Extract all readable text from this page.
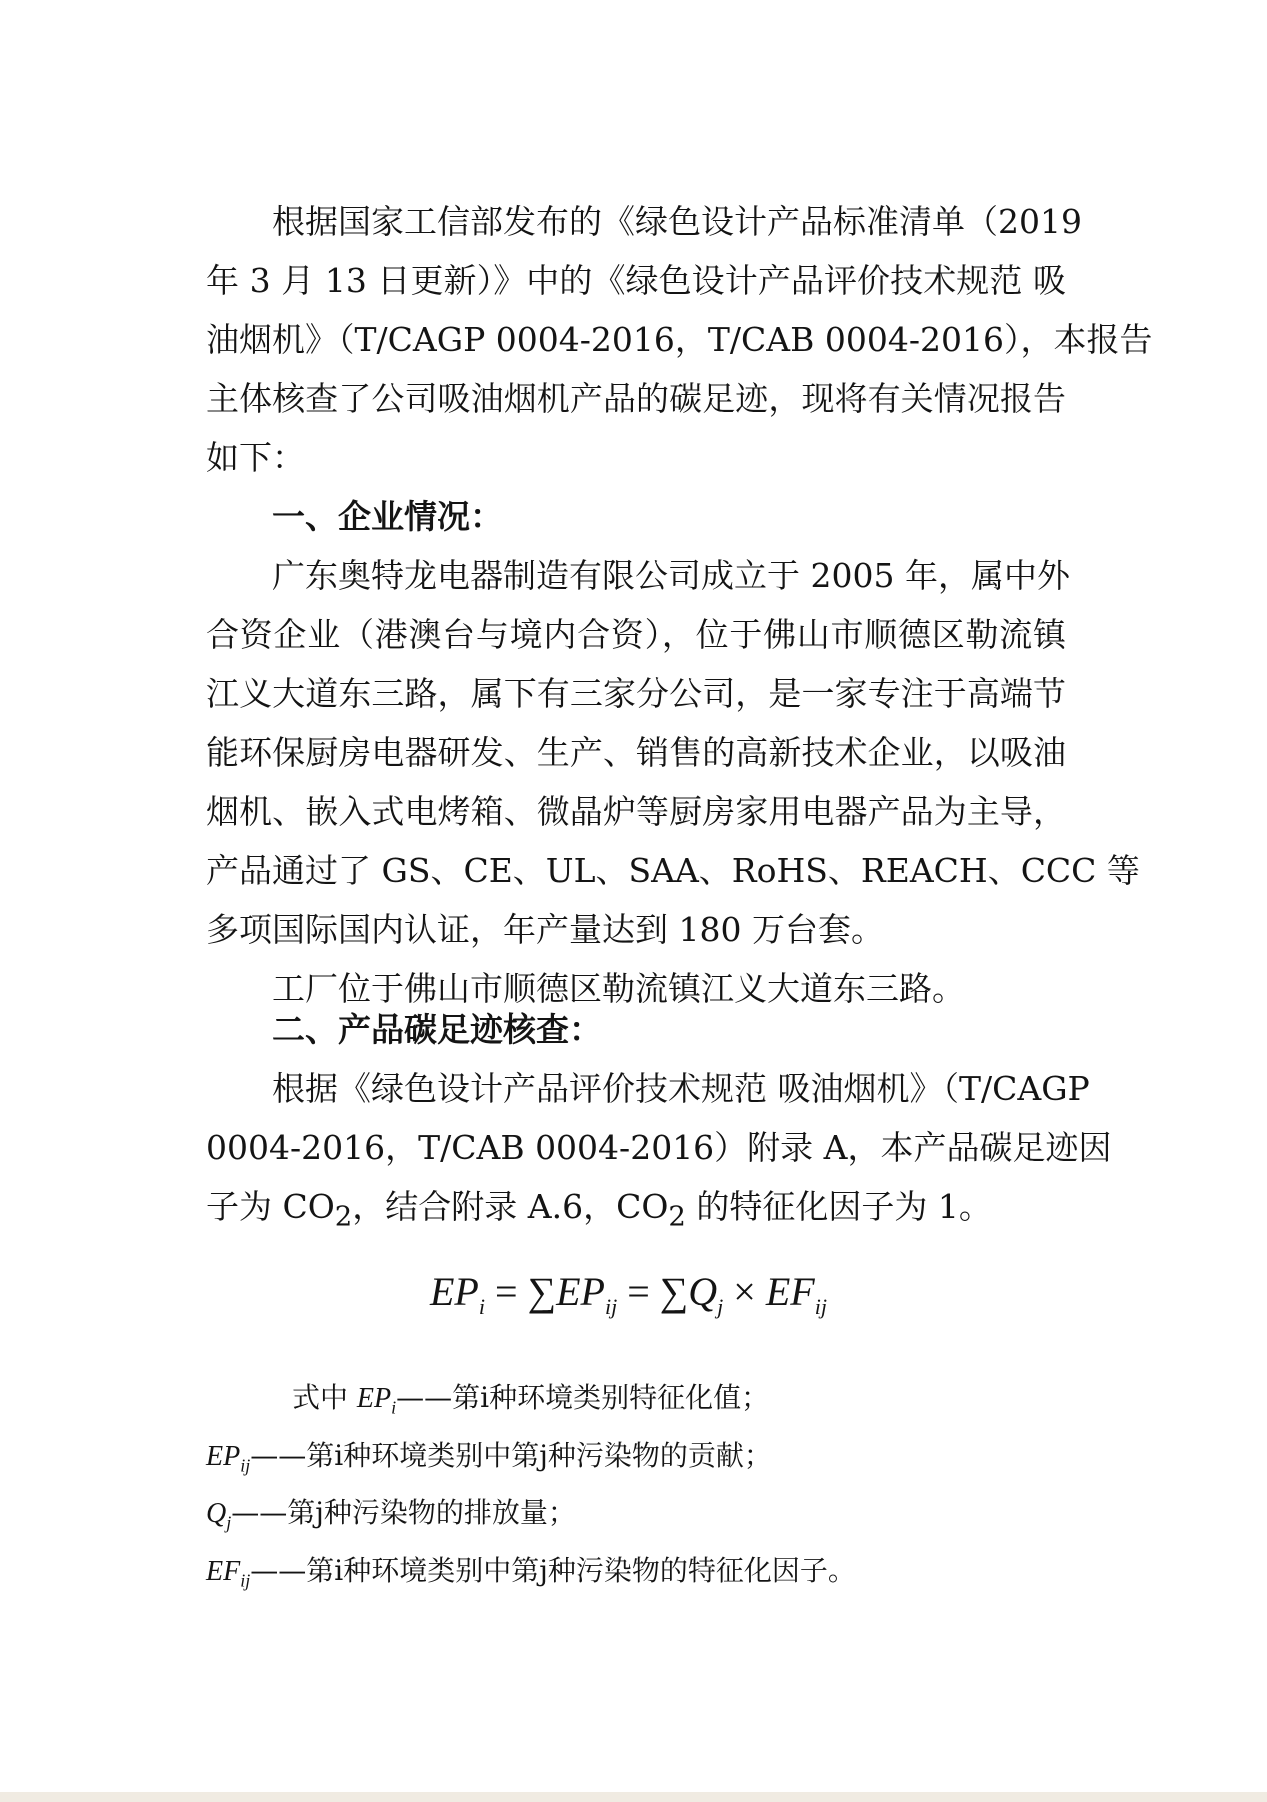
根据国家工信部发布的《绿色设计产品标准清单（2019
年 3 月 13 日更新）》中的《绿色设计产品评价技术规范 吸
油烟机》（T/CAGP 0004-2016，T/CAB 0004-2016），本报告
主体核查了公司吸油烟机产品的碳足迹，现将有关情况报告
如下：
一、企业情况：
广东奥特龙电器制造有限公司成立于 2005 年，属中外
合资企业（港澳台与境内合资），位于佛山市顺德区勒流镇
江义大道东三路，属下有三家分公司，是一家专注于高端节
能环保厨房电器研发、生产、销售的高新技术企业，以吸油
烟机、嵌入式电烤箱、微晶炉等厨房家用电器产品为主导，
产品通过了 GS、CE、UL、SAA、RoHS、REACH、CCC 等
多项国际国内认证，年产量达到 180 万台套。
工厂位于佛山市顺德区勒流镇江义大道东三路。
二、产品碳足迹核查：
根据《绿色设计产品评价技术规范 吸油烟机》（T/CAGP
0004-2016，T/CAB 0004-2016）附录 A，本产品碳足迹因
子为 $CO_2$，结合附录 A.6，$CO_2$ 的特征化因子为 1。
$EP_i = \sum EP_{ij} = \sum Q_j \times EF_{ij}$
式中 $EP_i——$第i种环境类别特征化值；
$EP_{ij}——$第i种环境类别中第j种污染物的贡献；
$Q_j——$第j种污染物的排放量；
$EF_{ij}——$第i种环境类别中第j种污染物的特征化因子。
